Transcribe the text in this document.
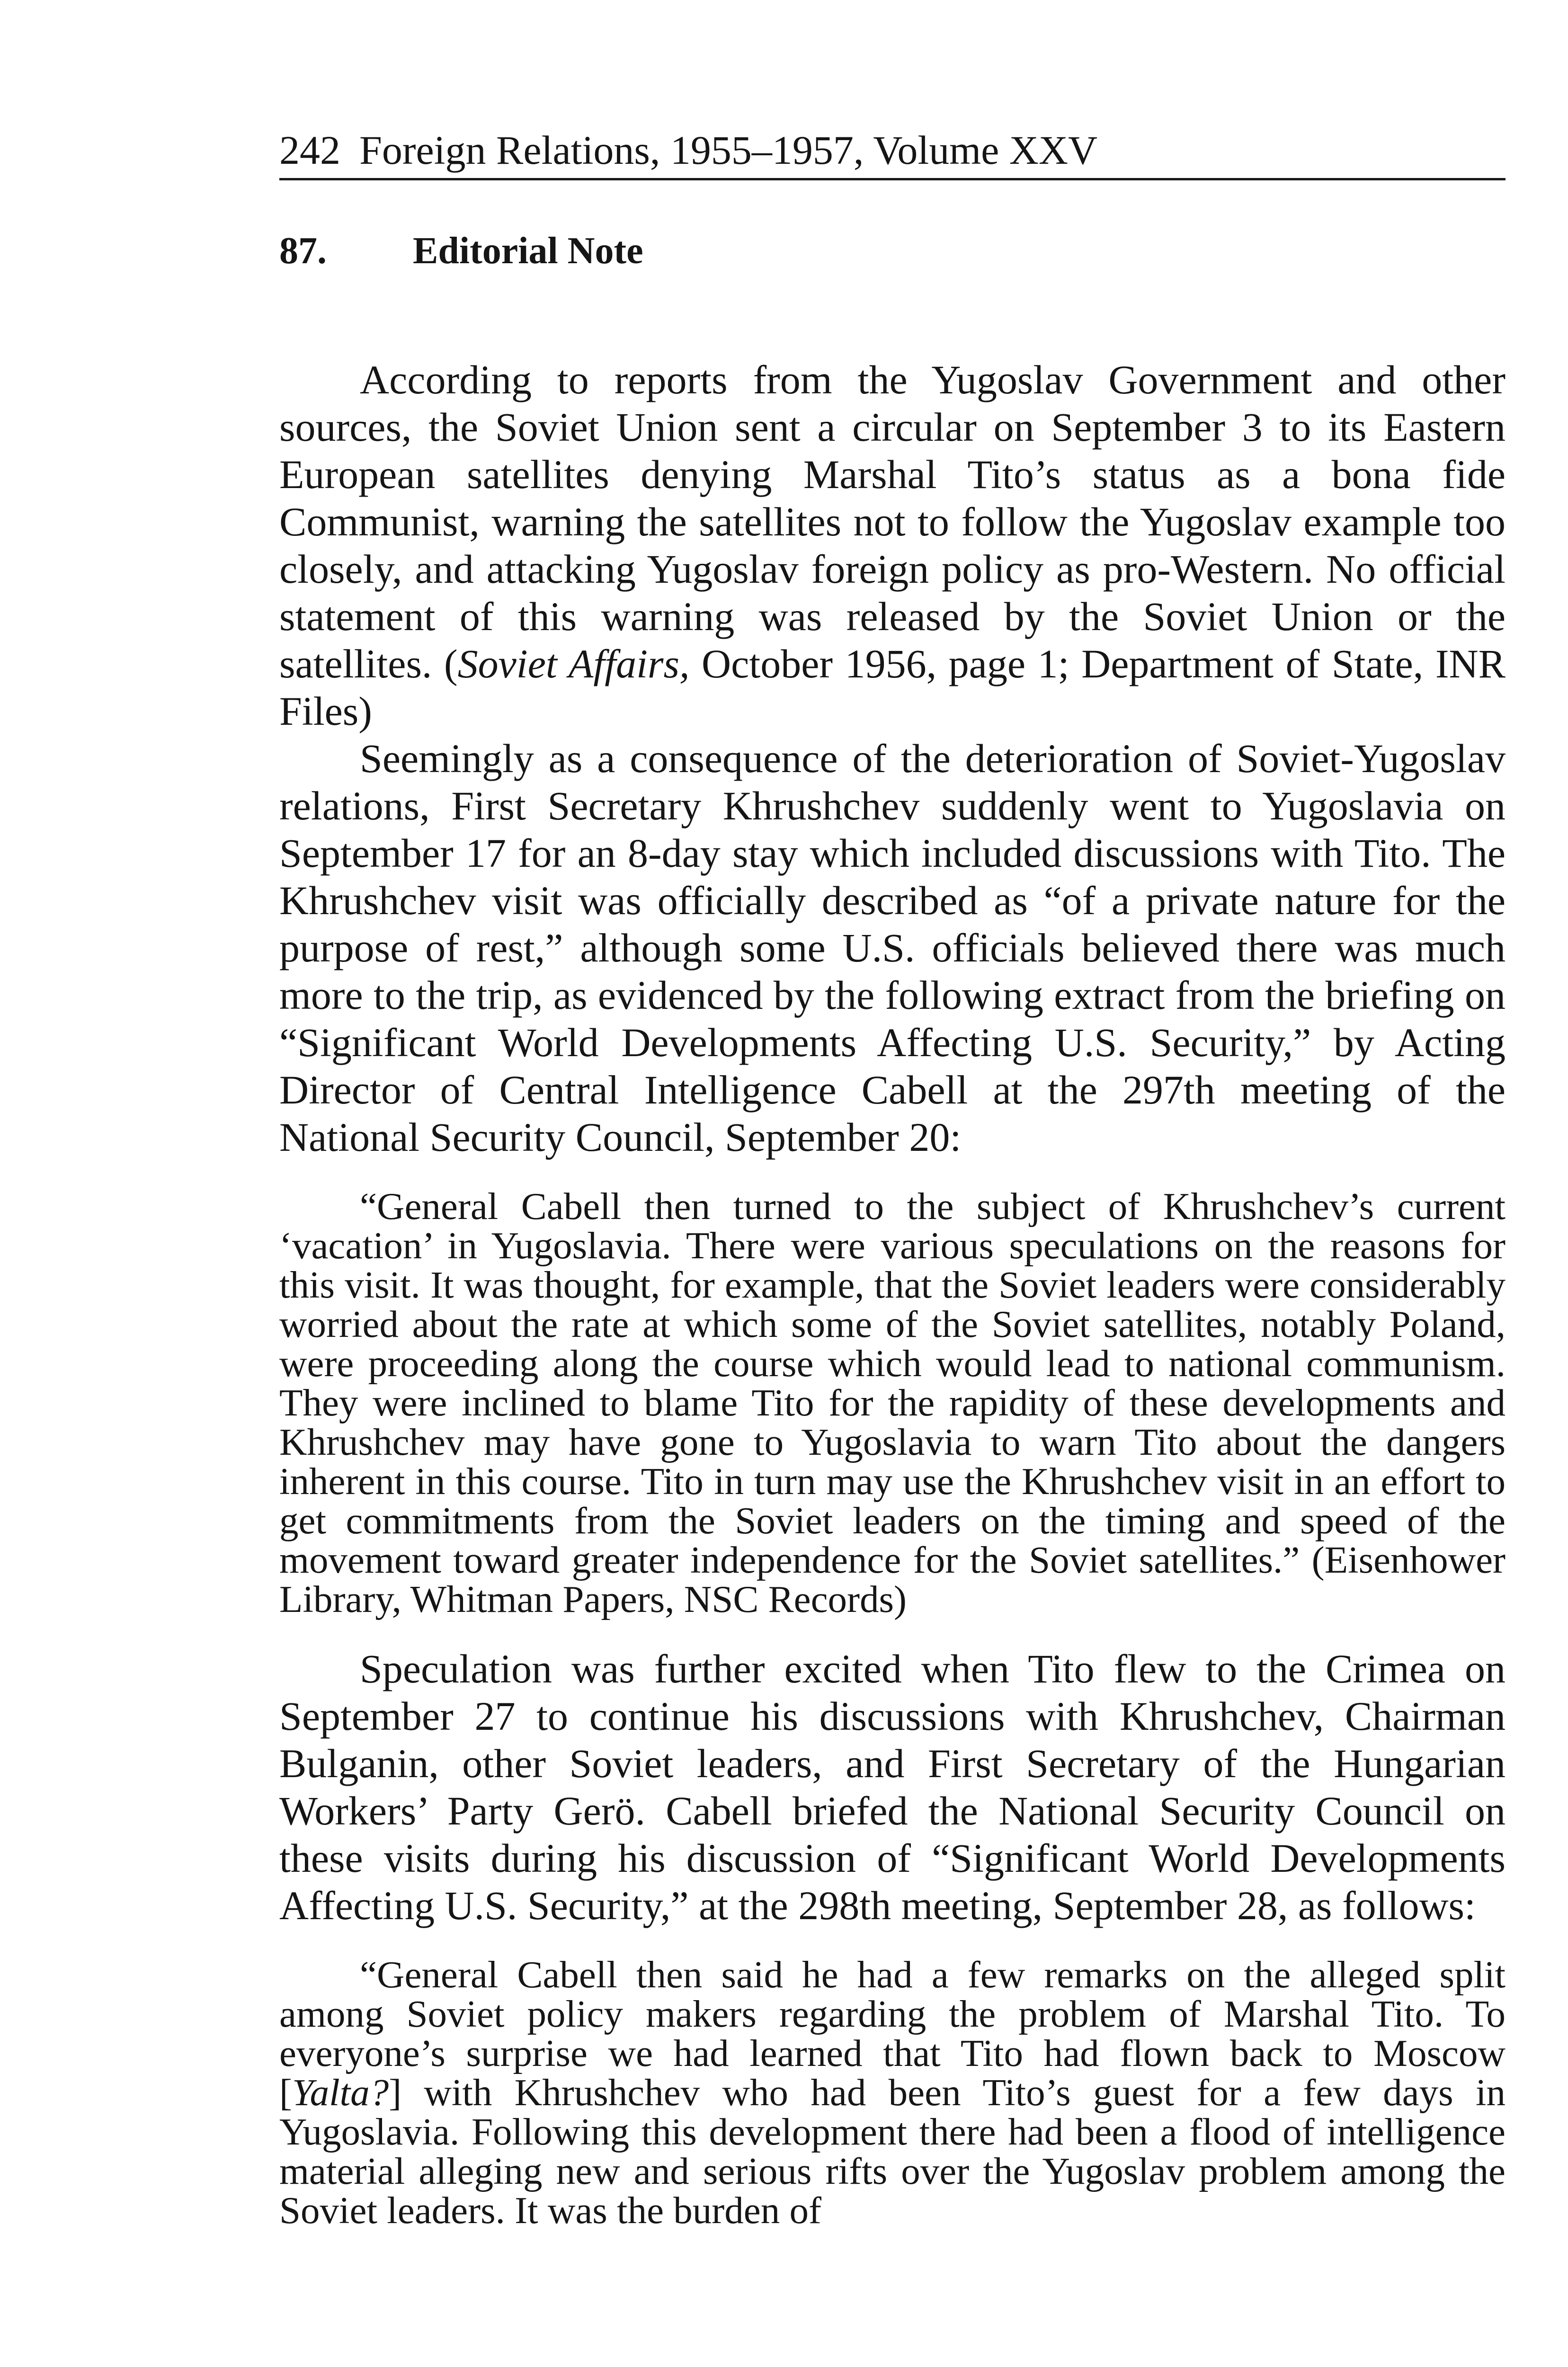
242 Foreign Relations, 1955–1957, Volume XXV
87. Editorial Note

According to reports from the Yugoslav Government and other sources, the Soviet Union sent a circular on September 3 to its Eastern European satellites denying Marshal Tito’s status as a bona fide Communist, warning the satellites not to follow the Yugoslav example too closely, and attacking Yugoslav foreign policy as pro-Western. No official statement of this warning was released by the Soviet Union or the satellites. (Soviet Affairs, October 1956, page 1; Department of State, INR Files)

Seemingly as a consequence of the deterioration of Soviet-Yugoslav relations, First Secretary Khrushchev suddenly went to Yugoslavia on September 17 for an 8-day stay which included discussions with Tito. The Khrushchev visit was officially described as “of a private nature for the purpose of rest,” although some U.S. officials believed there was much more to the trip, as evidenced by the following extract from the briefing on “Significant World Developments Affecting U.S. Security,” by Acting Director of Central Intelligence Cabell at the 297th meeting of the National Security Council, September 20:

“General Cabell then turned to the subject of Khrushchev’s current ‘vacation’ in Yugoslavia. There were various speculations on the reasons for this visit. It was thought, for example, that the Soviet leaders were considerably worried about the rate at which some of the Soviet satellites, notably Poland, were proceeding along the course which would lead to national communism. They were inclined to blame Tito for the rapidity of these developments and Khrushchev may have gone to Yugoslavia to warn Tito about the dangers inherent in this course. Tito in turn may use the Khrushchev visit in an effort to get commitments from the Soviet leaders on the timing and speed of the movement toward greater independence for the Soviet satellites.” (Eisenhower Library, Whitman Papers, NSC Records)

Speculation was further excited when Tito flew to the Crimea on September 27 to continue his discussions with Khrushchev, Chairman Bulganin, other Soviet leaders, and First Secretary of the Hungarian Workers’ Party Gerö. Cabell briefed the National Security Council on these visits during his discussion of “Significant World Developments Affecting U.S. Security,” at the 298th meeting, September 28, as follows:

“General Cabell then said he had a few remarks on the alleged split among Soviet policy makers regarding the problem of Marshal Tito. To everyone’s surprise we had learned that Tito had flown back to Moscow [Yalta?] with Khrushchev who had been Tito’s guest for a few days in Yugoslavia. Following this development there had been a flood of intelligence material alleging new and serious rifts over the Yugoslav problem among the Soviet leaders. It was the burden of
